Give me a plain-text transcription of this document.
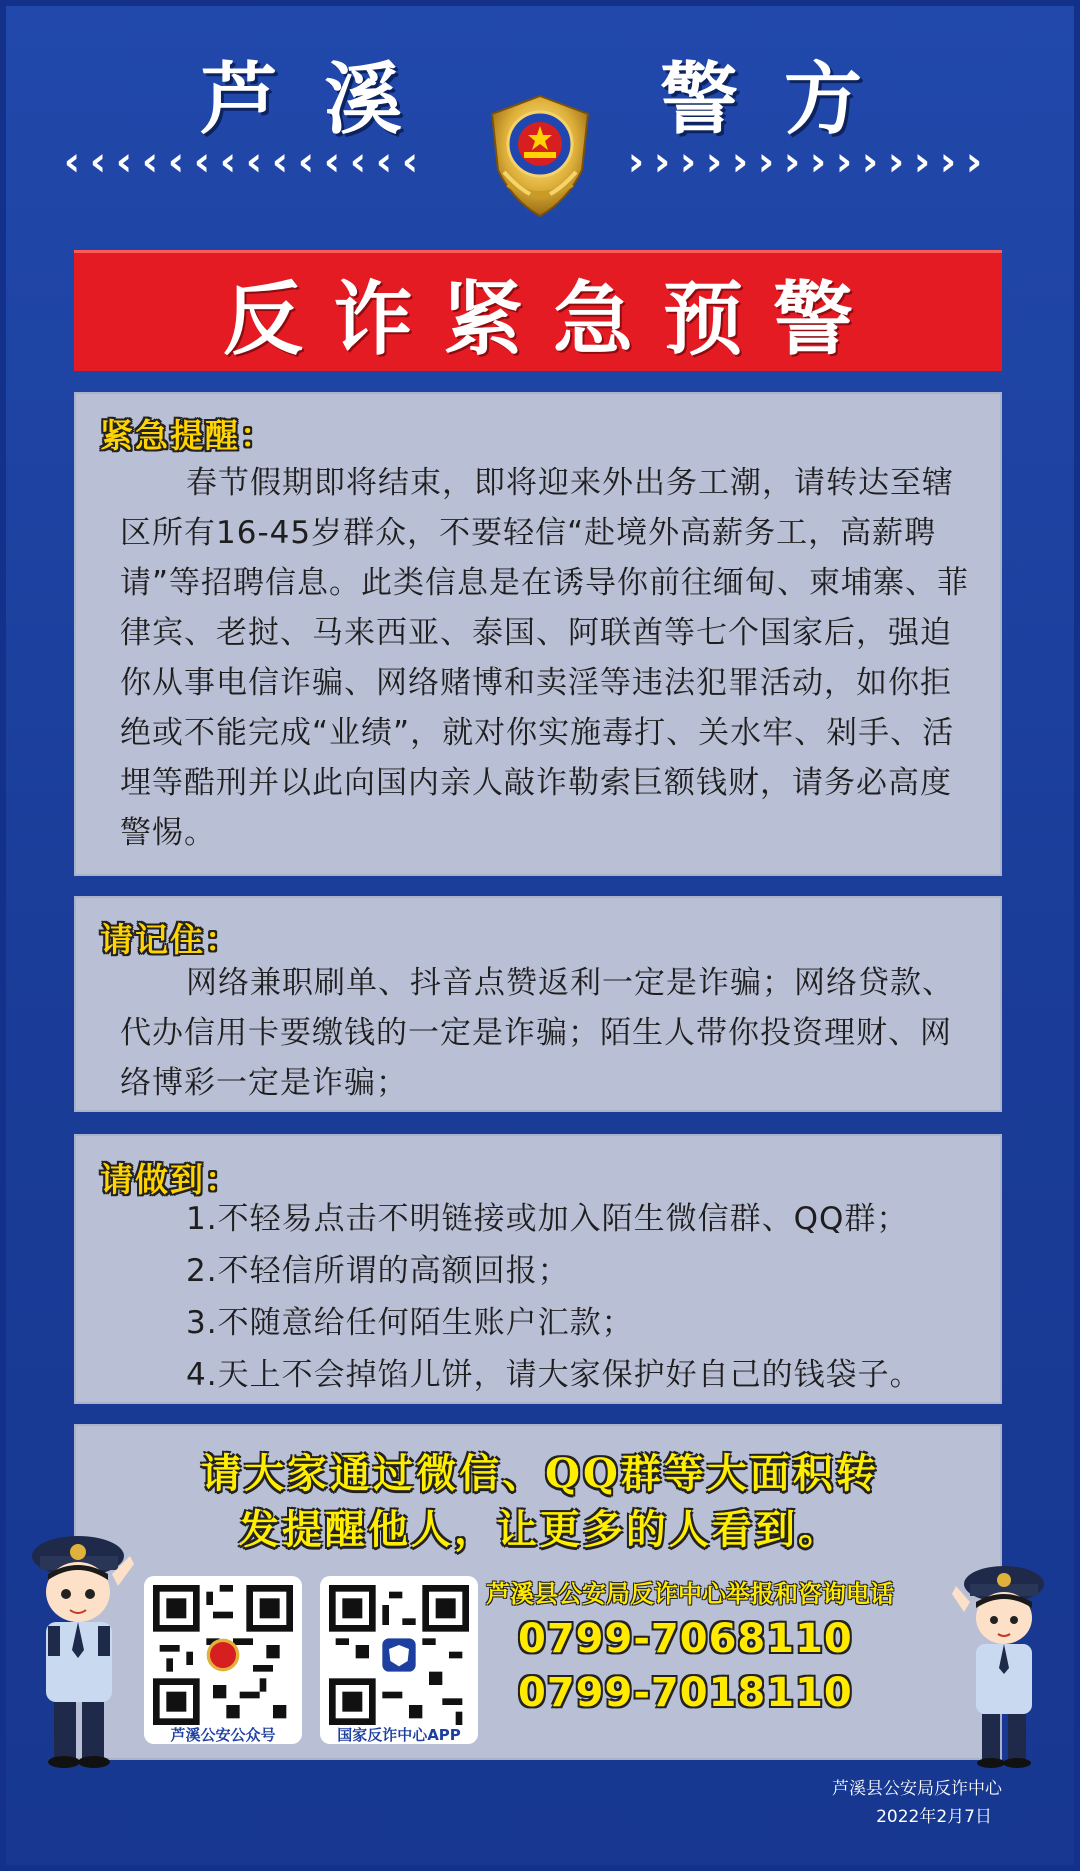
芦溪	警方
‹ ‹ ‹ ‹ ‹ ‹ ‹ ‹ ‹ ‹ ‹ ‹ ‹ ‹	› › › › › › › › › › › › › ›
反诈紧急预警
紧急提醒：
春节假期即将结束，即将迎来外出务工潮，请转达至辖区所有16-45岁群众，不要轻信“赴境外高薪务工，高薪聘请”等招聘信息。此类信息是在诱导你前往缅甸、柬埔寨、菲律宾、老挝、马来西亚、泰国、阿联酋等七个国家后，强迫你从事电信诈骗、网络赌博和卖淫等违法犯罪活动，如你拒绝或不能完成“业绩”，就对你实施毒打、关水牢、剁手、活埋等酷刑并以此向国内亲人敲诈勒索巨额钱财，请务必高度警惕。
请记住：
网络兼职刷单、抖音点赞返利一定是诈骗；网络贷款、代办信用卡要缴钱的一定是诈骗；陌生人带你投资理财、网络博彩一定是诈骗；
请做到：
1.不轻易点击不明链接或加入陌生微信群、QQ群；
2.不轻信所谓的高额回报；
3.不随意给任何陌生账户汇款；
4.天上不会掉馅儿饼，请大家保护好自己的钱袋子。
请大家通过微信、QQ群等大面积转
发提醒他人，让更多的人看到。
芦溪公安公众号	国家反诈中心APP
芦溪县公安局反诈中心举报和咨询电话
0799-7068110
0799-7018110
芦溪县公安局反诈中心
2022年2月7日
